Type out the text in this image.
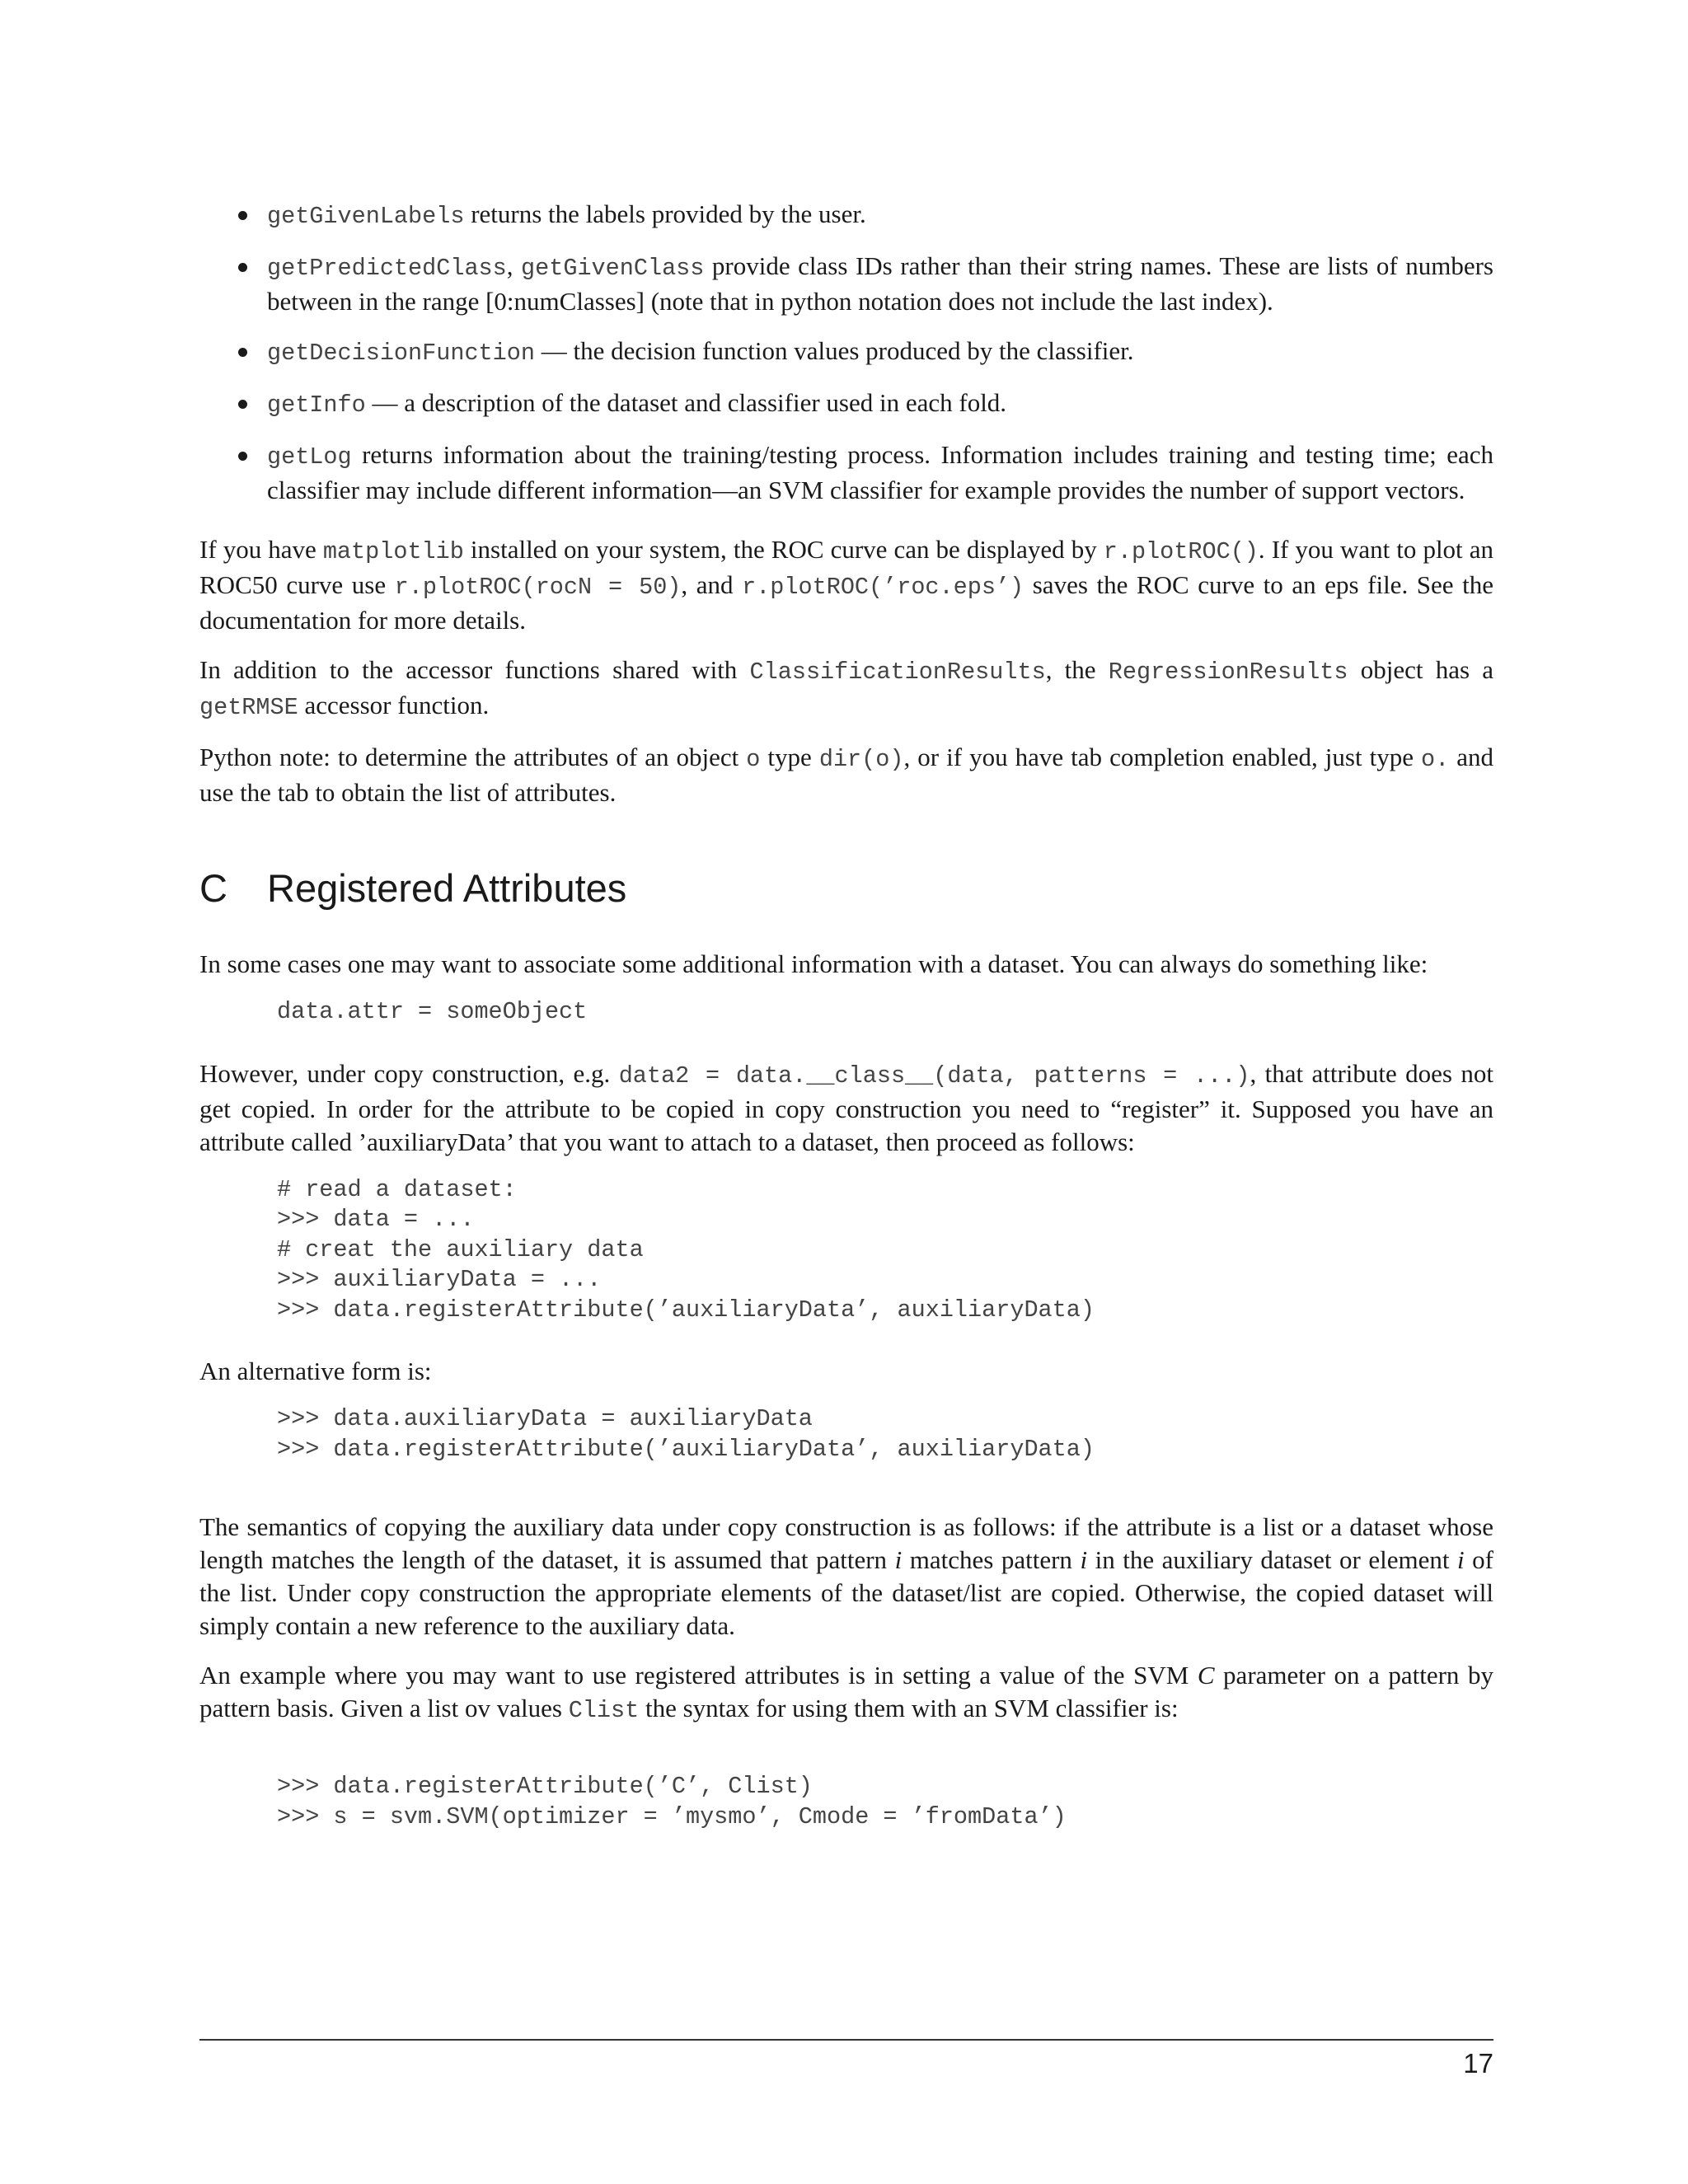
getGivenLabels returns the labels provided by the user.
getPredictedClass, getGivenClass provide class IDs rather than their string names. These are lists of numbers between in the range [0:numClasses] (note that in python notation does not include the last index).
getDecisionFunction — the decision function values produced by the classifier.
getInfo — a description of the dataset and classifier used in each fold.
getLog returns information about the training/testing process. Information includes training and testing time; each classifier may include different information—an SVM classifier for example provides the number of support vectors.

If you have matplotlib installed on your system, the ROC curve can be displayed by r.plotROC(). If you want to plot an ROC50 curve use r.plotROC(rocN = 50), and r.plotROC(’roc.eps’) saves the ROC curve to an eps file. See the documentation for more details.

In addition to the accessor functions shared with ClassificationResults, the RegressionResults object has a getRMSE accessor function.

Python note: to determine the attributes of an object o type dir(o), or if you have tab completion enabled, just type o. and use the tab to obtain the list of attributes.

C Registered Attributes

In some cases one may want to associate some additional information with a dataset. You can always do something like:

data.attr = someObject

However, under copy construction, e.g. data2 = data.__class__(data, patterns = ...), that attribute does not get copied. In order for the attribute to be copied in copy construction you need to “register” it. Supposed you have an attribute called ’auxiliaryData’ that you want to attach to a dataset, then proceed as follows:

# read a dataset:
>>> data = ...
# creat the auxiliary data
>>> auxiliaryData = ...
>>> data.registerAttribute(’auxiliaryData’, auxiliaryData)

An alternative form is:

>>> data.auxiliaryData = auxiliaryData
>>> data.registerAttribute(’auxiliaryData’, auxiliaryData)

The semantics of copying the auxiliary data under copy construction is as follows: if the attribute is a list or a dataset whose length matches the length of the dataset, it is assumed that pattern i matches pattern i in the auxiliary dataset or element i of the list. Under copy construction the appropriate elements of the dataset/list are copied. Otherwise, the copied dataset will simply contain a new reference to the auxiliary data.

An example where you may want to use registered attributes is in setting a value of the SVM C parameter on a pattern by pattern basis. Given a list ov values Clist the syntax for using them with an SVM classifier is:

>>> data.registerAttribute(’C’, Clist)
>>> s = svm.SVM(optimizer = ’mysmo’, Cmode = ’fromData’)
17
